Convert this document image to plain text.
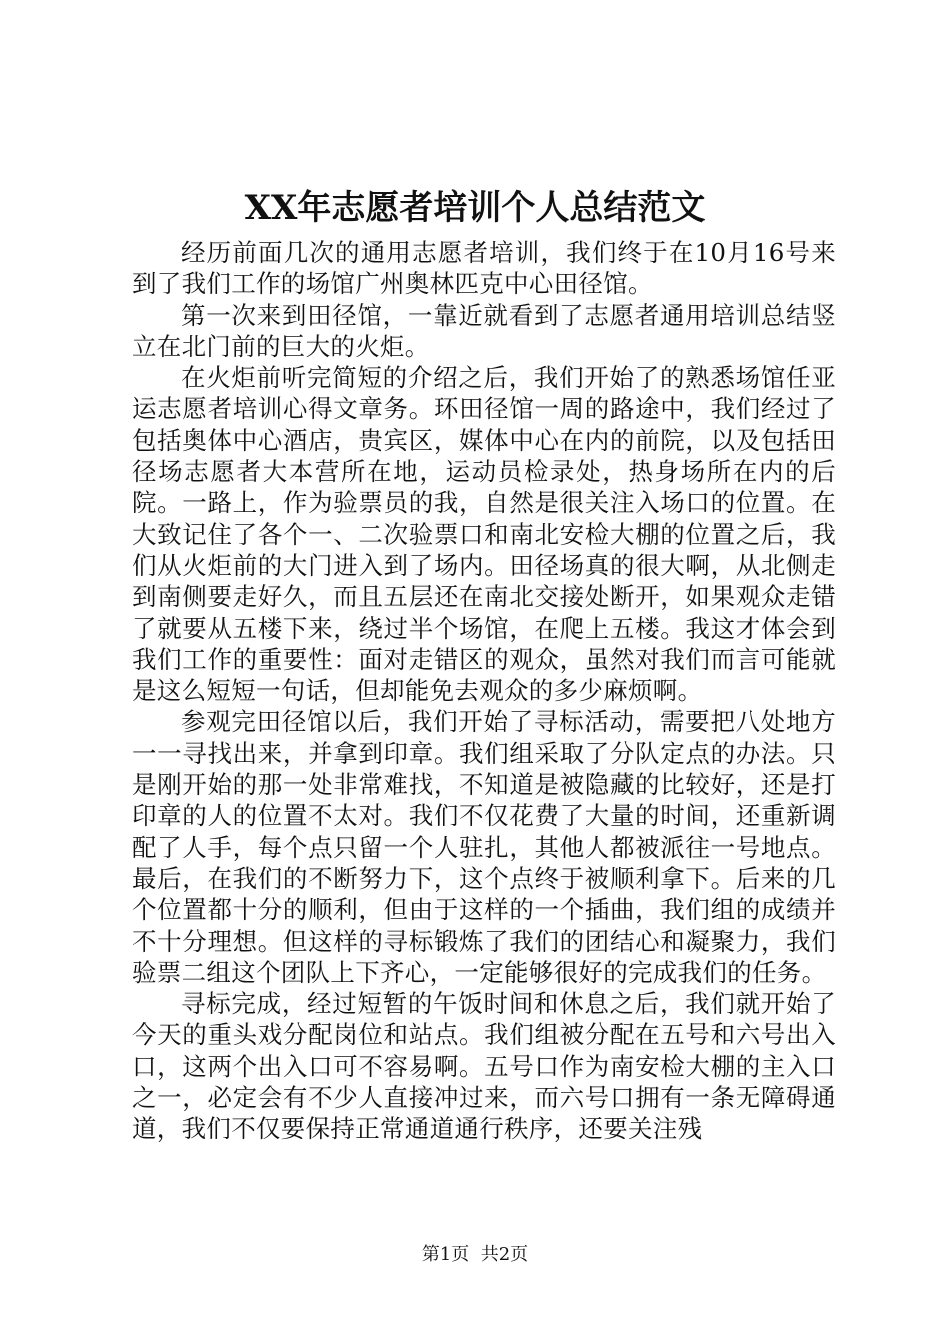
XX年志愿者培训个人总结范文

经历前面几次的通用志愿者培训，我们终于在10月16号来到了我们工作的场馆广州奥林匹克中心田径馆。

第一次来到田径馆，一靠近就看到了志愿者通用培训总结竖立在北门前的巨大的火炬。

在火炬前听完简短的介绍之后，我们开始了的熟悉场馆任亚运志愿者培训心得文章务。环田径馆一周的路途中，我们经过了包括奥体中心酒店，贵宾区，媒体中心在内的前院，以及包括田径场志愿者大本营所在地，运动员检录处，热身场所在内的后院。一路上，作为验票员的我，自然是很关注入场口的位置。在大致记住了各个一、二次验票口和南北安检大棚的位置之后，我们从火炬前的大门进入到了场内。田径场真的很大啊，从北侧走到南侧要走好久，而且五层还在南北交接处断开，如果观众走错了就要从五楼下来，绕过半个场馆，在爬上五楼。我这才体会到我们工作的重要性：面对走错区的观众，虽然对我们而言可能就是这么短短一句话，但却能免去观众的多少麻烦啊。

参观完田径馆以后，我们开始了寻标活动，需要把八处地方一一寻找出来，并拿到印章。我们组采取了分队定点的办法。只是刚开始的那一处非常难找，不知道是被隐藏的比较好，还是打印章的人的位置不太对。我们不仅花费了大量的时间，还重新调配了人手，每个点只留一个人驻扎，其他人都被派往一号地点。最后，在我们的不断努力下，这个点终于被顺利拿下。后来的几个位置都十分的顺利，但由于这样的一个插曲，我们组的成绩并不十分理想。但这样的寻标锻炼了我们的团结心和凝聚力，我们验票二组这个团队上下齐心，一定能够很好的完成我们的任务。

寻标完成，经过短暂的午饭时间和休息之后，我们就开始了今天的重头戏分配岗位和站点。我们组被分配在五号和六号出入口，这两个出入口可不容易啊。五号口作为南安检大棚的主入口之一，必定会有不少人直接冲过来，而六号口拥有一条无障碍通道，我们不仅要保持正常通道通行秩序，还要关注残

第1页 共2页
